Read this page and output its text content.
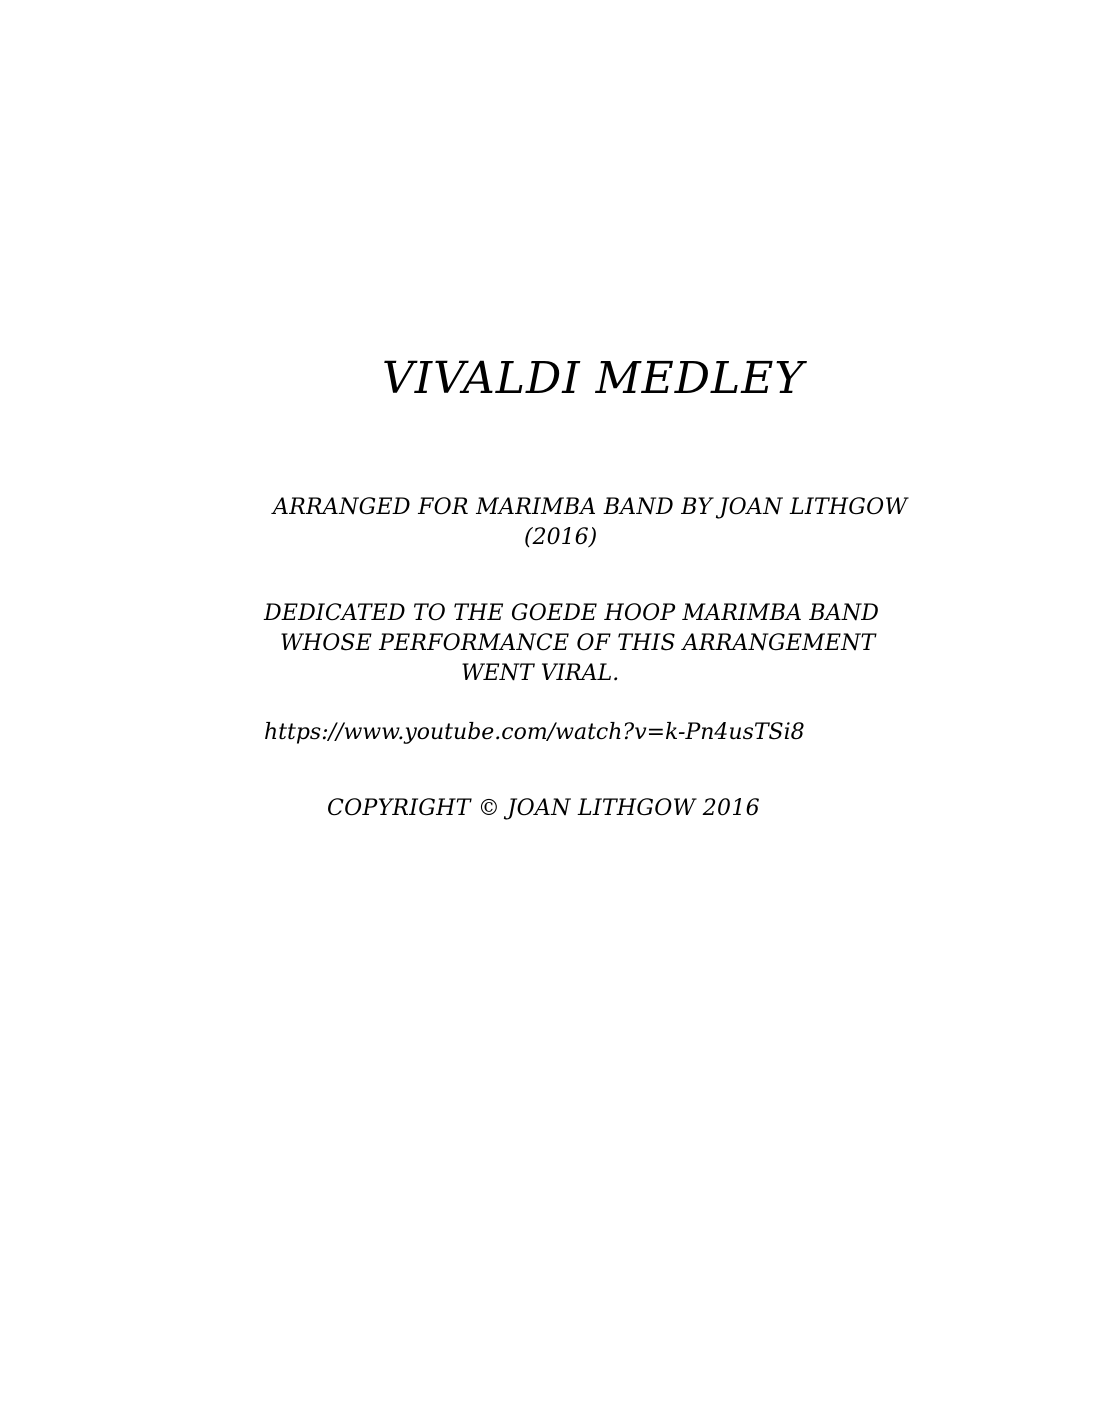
VIVALDI MEDLEY
ARRANGED FOR MARIMBA BAND BY JOAN LITHGOW
(2016)
DEDICATED TO THE GOEDE HOOP MARIMBA BAND
WHOSE PERFORMANCE OF THIS ARRANGEMENT
WENT VIRAL.
https://www.youtube.com/watch?v=k-Pn4usTSi8
COPYRIGHT © JOAN LITHGOW 2016
